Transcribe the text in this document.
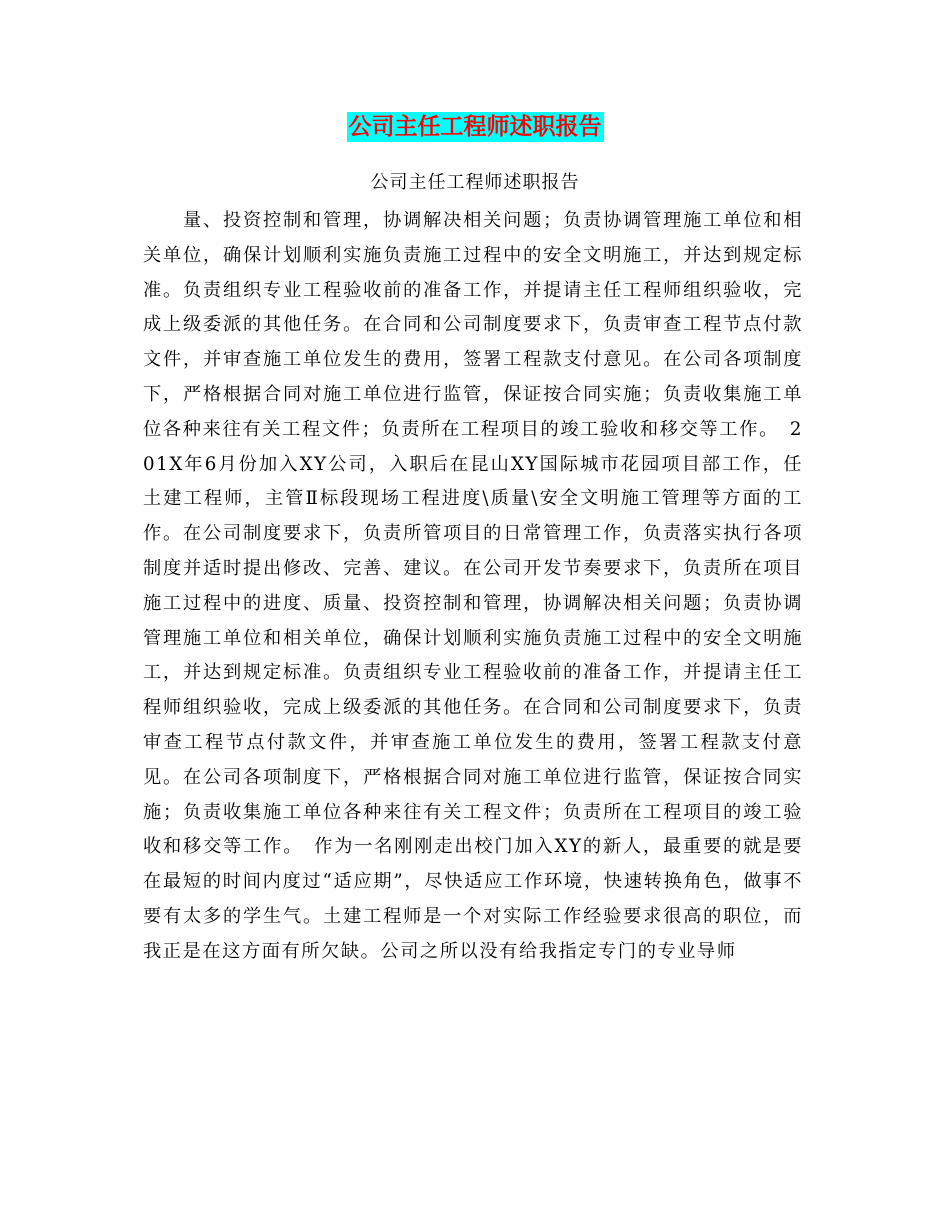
公司主任工程师述职报告
公司主任工程师述职报告

量、投资控制和管理，协调解决相关问题；负责协调管理施工单位和相关单位，确保计划顺利实施负责施工过程中的安全文明施工，并达到规定标准。负责组织专业工程验收前的准备工作，并提请主任工程师组织验收，完成上级委派的其他任务。在合同和公司制度要求下，负责审查工程节点付款文件，并审查施工单位发生的费用，签署工程款支付意见。在公司各项制度下，严格根据合同对施工单位进行监管，保证按合同实施；负责收集施工单位各种来往有关工程文件；负责所在工程项目的竣工验收和移交等工作。　201X年6月份加入XY公司，入职后在昆山XY国际城市花园项目部工作，任土建工程师，主管Ⅱ标段现场工程进度\质量\安全文明施工管理等方面的工作。在公司制度要求下，负责所管项目的日常管理工作，负责落实执行各项制度并适时提出修改、完善、建议。在公司开发节奏要求下，负责所在项目施工过程中的进度、质量、投资控制和管理，协调解决相关问题；负责协调管理施工单位和相关单位，确保计划顺利实施负责施工过程中的安全文明施工，并达到规定标准。负责组织专业工程验收前的准备工作，并提请主任工程师组织验收，完成上级委派的其他任务。在合同和公司制度要求下，负责审查工程节点付款文件，并审查施工单位发生的费用，签署工程款支付意见。在公司各项制度下，严格根据合同对施工单位进行监管，保证按合同实施；负责收集施工单位各种来往有关工程文件；负责所在工程项目的竣工验收和移交等工作。　作为一名刚刚走出校门加入XY的新人，最重要的就是要在最短的时间内度过“适应期”，尽快适应工作环境，快速转换角色，做事不要有太多的学生气。土建工程师是一个对实际工作经验要求很高的职位，而我正是在这方面有所欠缺。公司之所以没有给我指定专门的专业导师
